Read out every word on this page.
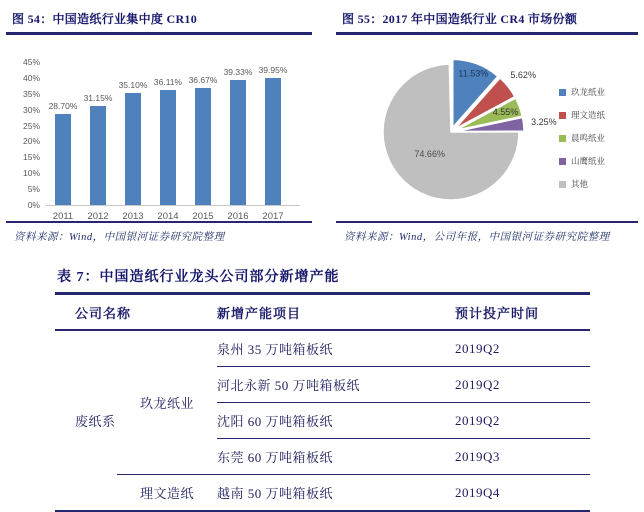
图 54：中国造纸行业集中度 CR10
0%
5%
10%
15%
20%
25%
30%
35%
40%
45%
28.70%
2011
31.15%
2012
35.10%
2013
36.11%
2014
36.67%
2015
39.33%
2016
39.95%
2017
资料来源：Wind，中国银河证券研究院整理
图 55：2017 年中国造纸行业 CR4 市场份额
11.53% 5.62%
4.55%
3.25%
74.66%
玖龙纸业
理文造纸
晨鸣纸业
山鹰纸业
其他
资料来源：Wind，公司年报，中国银河证券研究院整理
表 7：中国造纸行业龙头公司部分新增产能
公司名称		新增产能项目	预计投产时间
废纸系	玖龙纸业	泉州 35 万吨箱板纸	2019Q2
		河北永新 50 万吨箱板纸	2019Q2
		沈阳 60 万吨箱板纸	2019Q2
		东莞 60 万吨箱板纸	2019Q3
	理文造纸	越南 50 万吨箱板纸	2019Q4
